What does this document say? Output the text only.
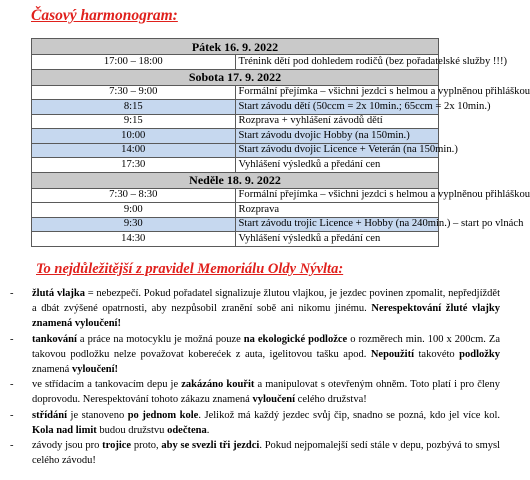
Časový harmonogram:
Pátek 16. 9. 2022	
17:00 – 18:00	Trénink dětí pod dohledem rodičů (bez pořadatelské služby !!!)
Sobota 17. 9. 2022	
7:30 – 9:00	Formální přejímka – všichni jezdci s helmou a vyplněnou přihláškou
8:15	Start závodu dětí (50ccm = 2x 10min.; 65ccm = 2x 10min.)
9:15	Rozprava + vyhlášení závodů dětí
10:00	Start závodu dvojic Hobby (na 150min.)
14:00	Start závodu dvojic Licence + Veterán (na 150min.)
17:30	Vyhlášení výsledků a předání cen
Neděle 18. 9. 2022	
7:30 – 8:30	Formální přejímka – všichni jezdci s helmou a vyplněnou přihláškou
9:00	Rozprava
9:30	Start závodu trojic Licence + Hobby (na 240min.) – start po vlnách
14:30	Vyhlášení výsledků a předání cen
To nejdůležitější z pravidel Memoriálu Oldy Nývlta:
- žlutá vlajka = nebezpečí. Pokud pořadatel signalizuje žlutou vlajkou, je jezdec povinen zpomalit, nepředjíždět a dbát zvýšené opatrnosti, aby nezpůsobil zranění sobě ani nikomu jinému. Nerespektování žluté vlajky znamená vyloučení!
- tankování a práce na motocyklu je možná pouze na ekologické podložce o rozměrech min. 100 x 200cm. Za takovou podložku nelze považovat koberećek z auta, igelitovou tašku apod. Nepoužití takovéto podložky znamená vyloučení!
- ve střídacím a tankovacím depu je zakázáno kouřit a manipulovat s otevřeným ohněm. Toto platí i pro členy doprovodu. Nerespektování tohoto zákazu znamená vyloučení celého družstva!
- střídání je stanoveno po jednom kole. Jelikož má každý jezdec svůj čip, snadno se pozná, kdo jel více kol. Kola nad limit budou družstvu odečtena.
- závody jsou pro trojice proto, aby se svezli tři jezdci. Pokud nejpomalejší sedí stále v depu, pozbývá to smysl celého závodu!
